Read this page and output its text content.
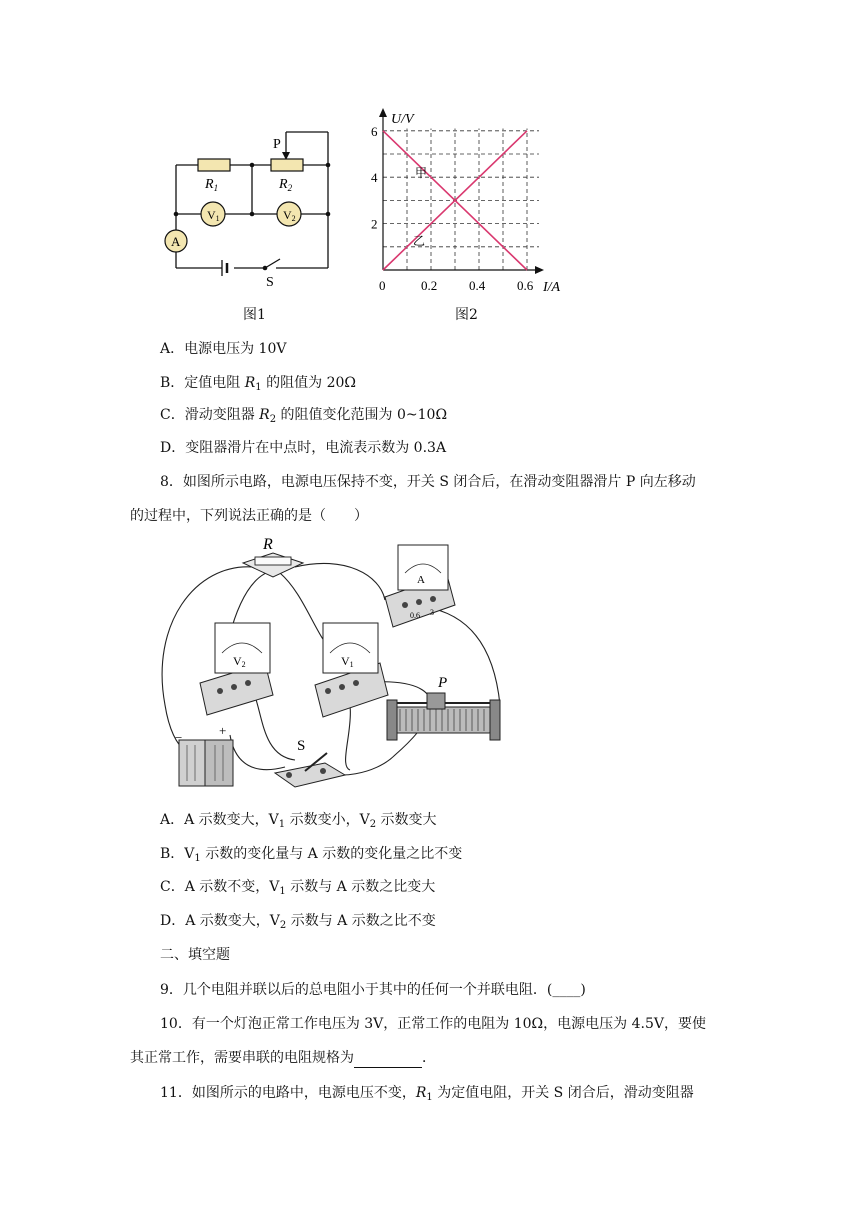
P
$R_1$	$R_2$
V1	V2
A
S
图1
U/V
I/A
0	0.2 0.4 0.6
2
4
6
甲
乙
图2
A．电源电压为 10V
B．定值电阻 $R_1$ 的阻值为 20Ω
C．滑动变阻器 $R_2$ 的阻值变化范围为 0~10Ω
D．变阻器滑片在中点时，电流表示数为 0.3A
8．如图所示电路，电源电压保持不变，开关 S 闭合后，在滑动变阻器滑片 P 向左移动
的过程中，下列说法正确的是（　　）
R
A
0.6 3
V2	V1
P
−	+
S
A．A 示数变大，$V_1$ 示数变小，$V_2$ 示数变大
B．$V_1$ 示数的变化量与 A 示数的变化量之比不变
C．A 示数不变，$V_1$ 示数与 A 示数之比变大
D．A 示数变大，$V_2$ 示数与 A 示数之比不变
二、填空题
9．几个电阻并联以后的总电阻小于其中的任何一个并联电阻．(____)
10．有一个灯泡正常工作电压为 3V，正常工作的电阻为 10Ω，电源电压为 4.5V，要使
其正常工作，需要串联的电阻规格为	．
11．如图所示的电路中，电源电压不变，$R_1$ 为定值电阻，开关 S 闭合后，滑动变阻器
